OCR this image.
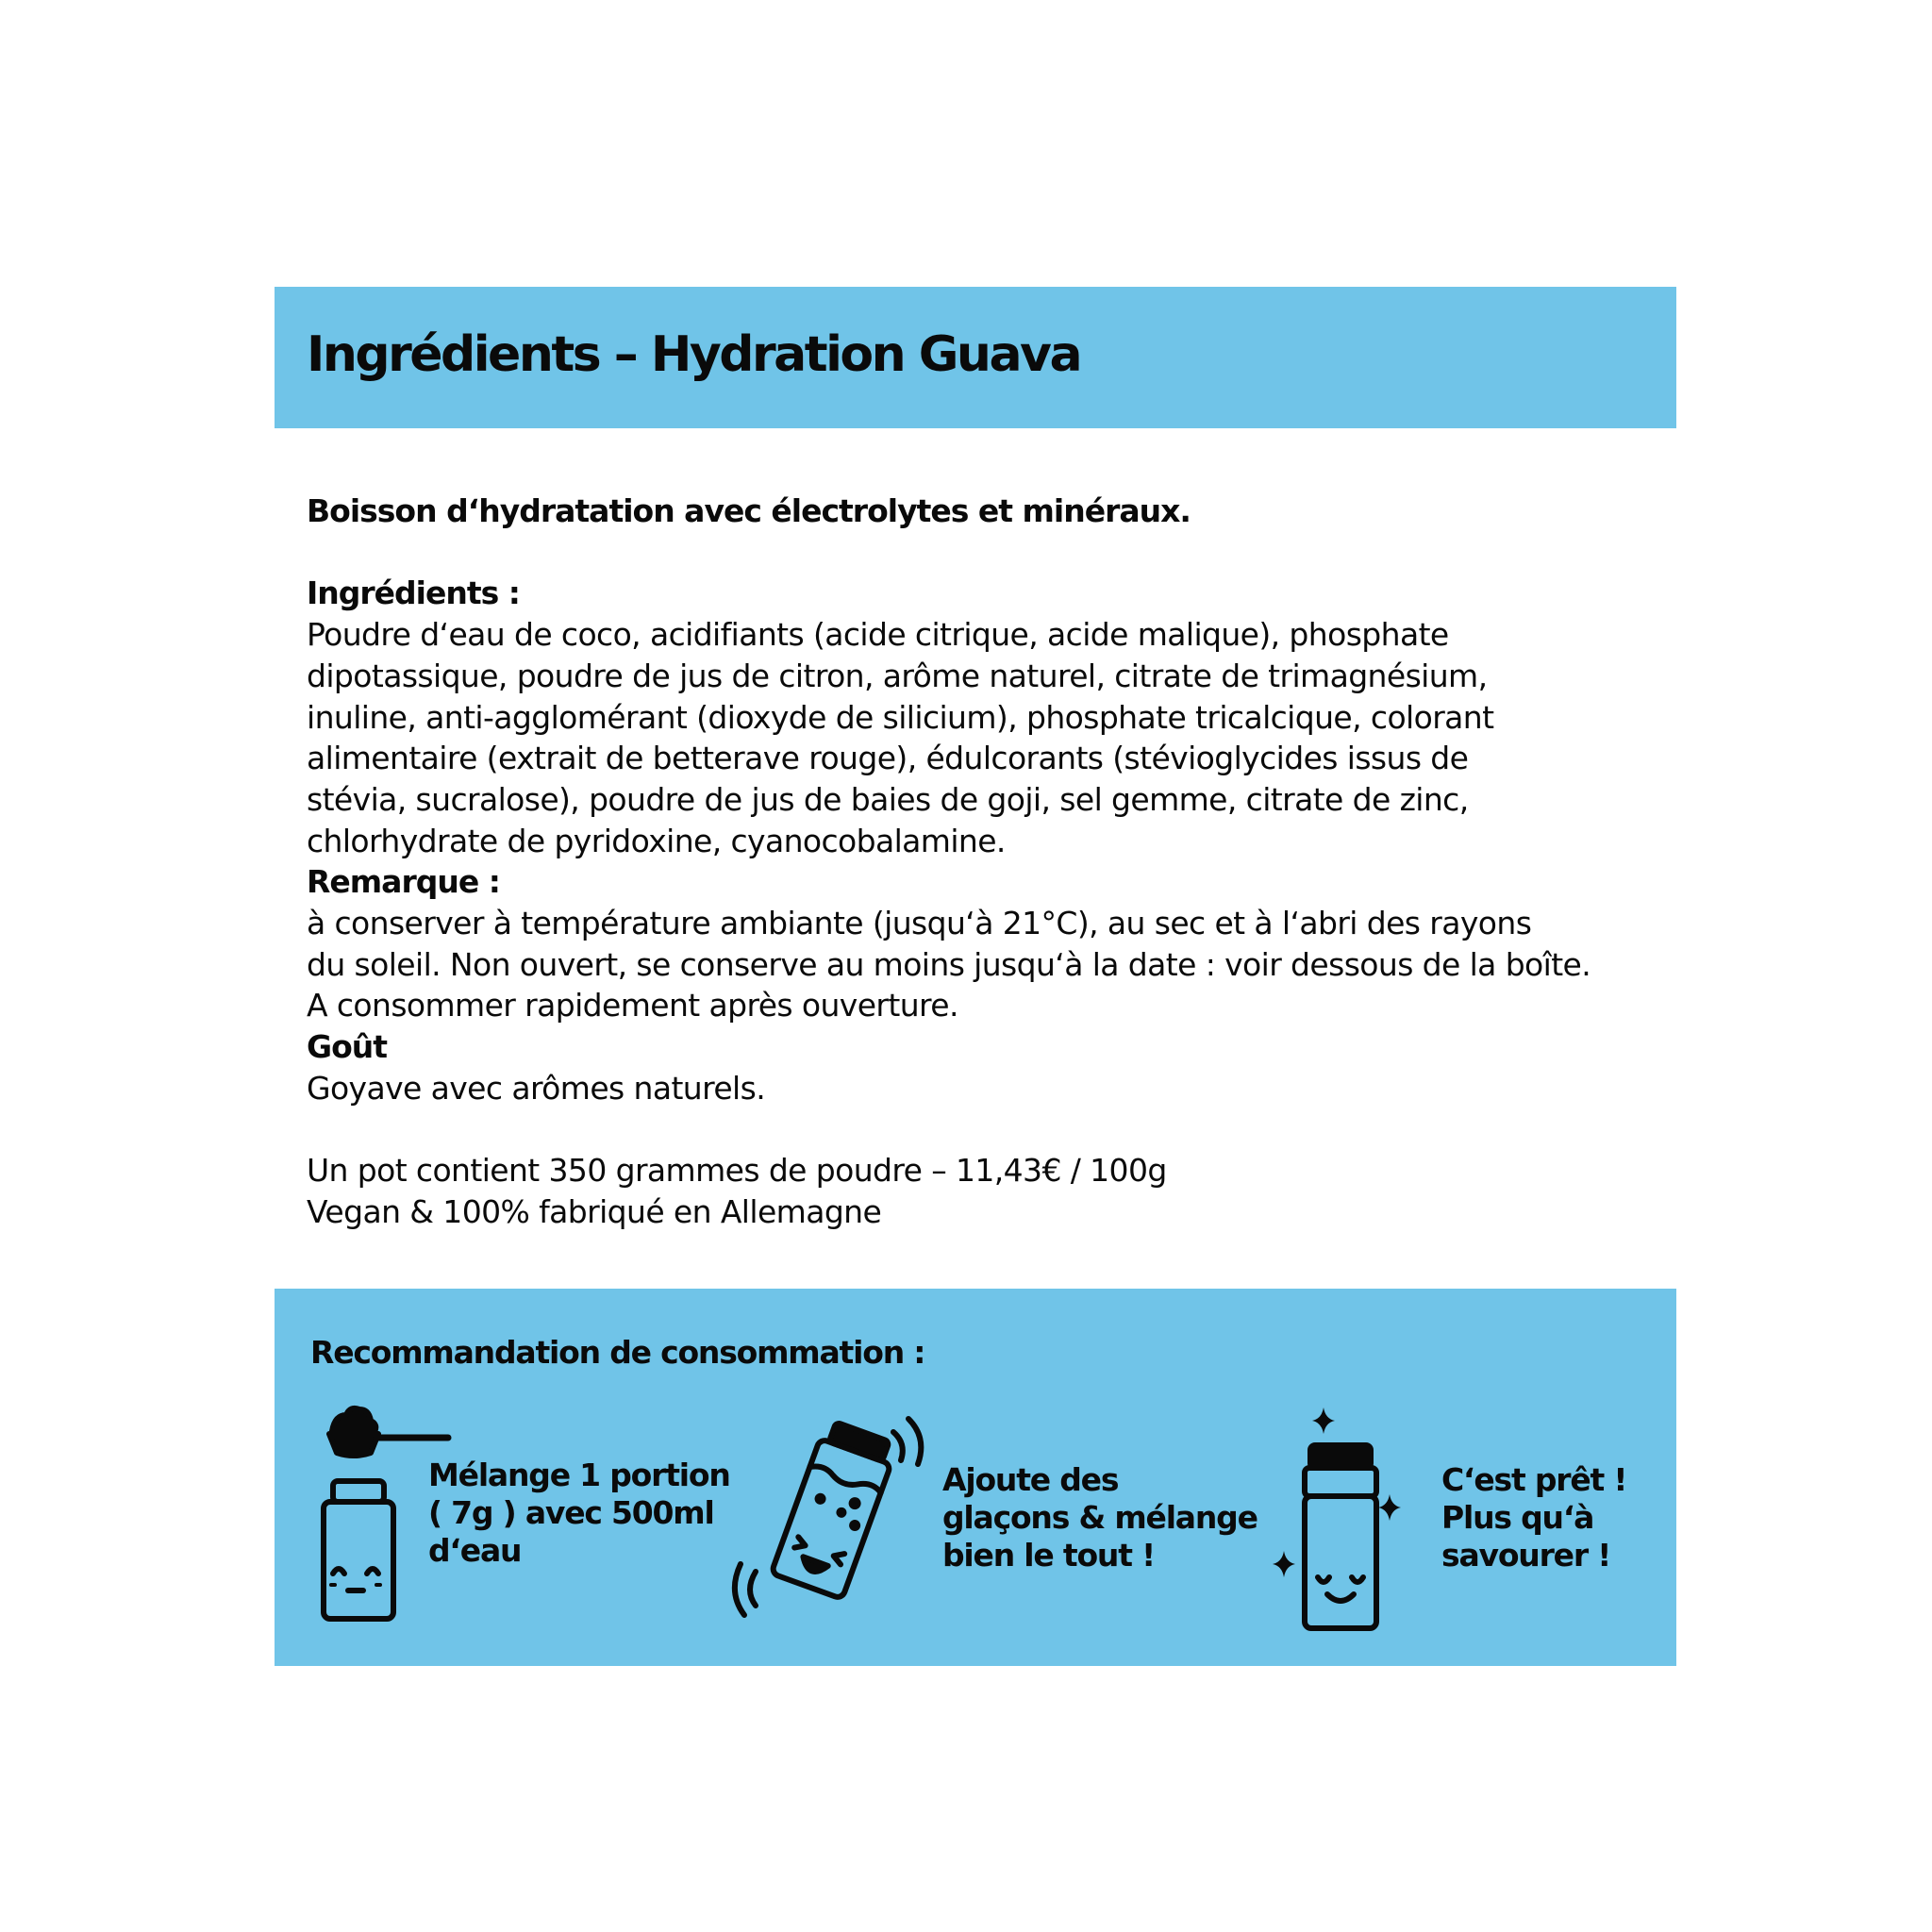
Ingrédients – Hydration Guava

Boisson d‘hydratation avec électrolytes et minéraux.

Ingrédients :

Poudre d‘eau de coco, acidifiants (acide citrique, acide malique), phosphate

dipotassique, poudre de jus de citron, arôme naturel, citrate de trimagnésium,

inuline, anti-agglomérant (dioxyde de silicium), phosphate tricalcique, colorant

alimentaire (extrait de betterave rouge), édulcorants (stévioglycides issus de

stévia, sucralose), poudre de jus de baies de goji, sel gemme, citrate de zinc,

chlorhydrate de pyridoxine, cyanocobalamine.

Remarque :

à conserver à température ambiante (jusqu‘à 21°C), au sec et à l‘abri des rayons

du soleil. Non ouvert, se conserve au moins jusqu‘à la date : voir dessous de la boîte.

A consommer rapidement après ouverture.

Goût

Goyave avec arômes naturels.

Un pot contient 350 grammes de poudre – 11,43€ / 100g

Vegan & 100% fabriqué en Allemagne

Recommandation de consommation :

Mélange 1 portion
( 7g ) avec 500ml
d‘eau

Ajoute des
glaçons & mélange
bien le tout !

C‘est prêt !
Plus qu‘à
savourer !
